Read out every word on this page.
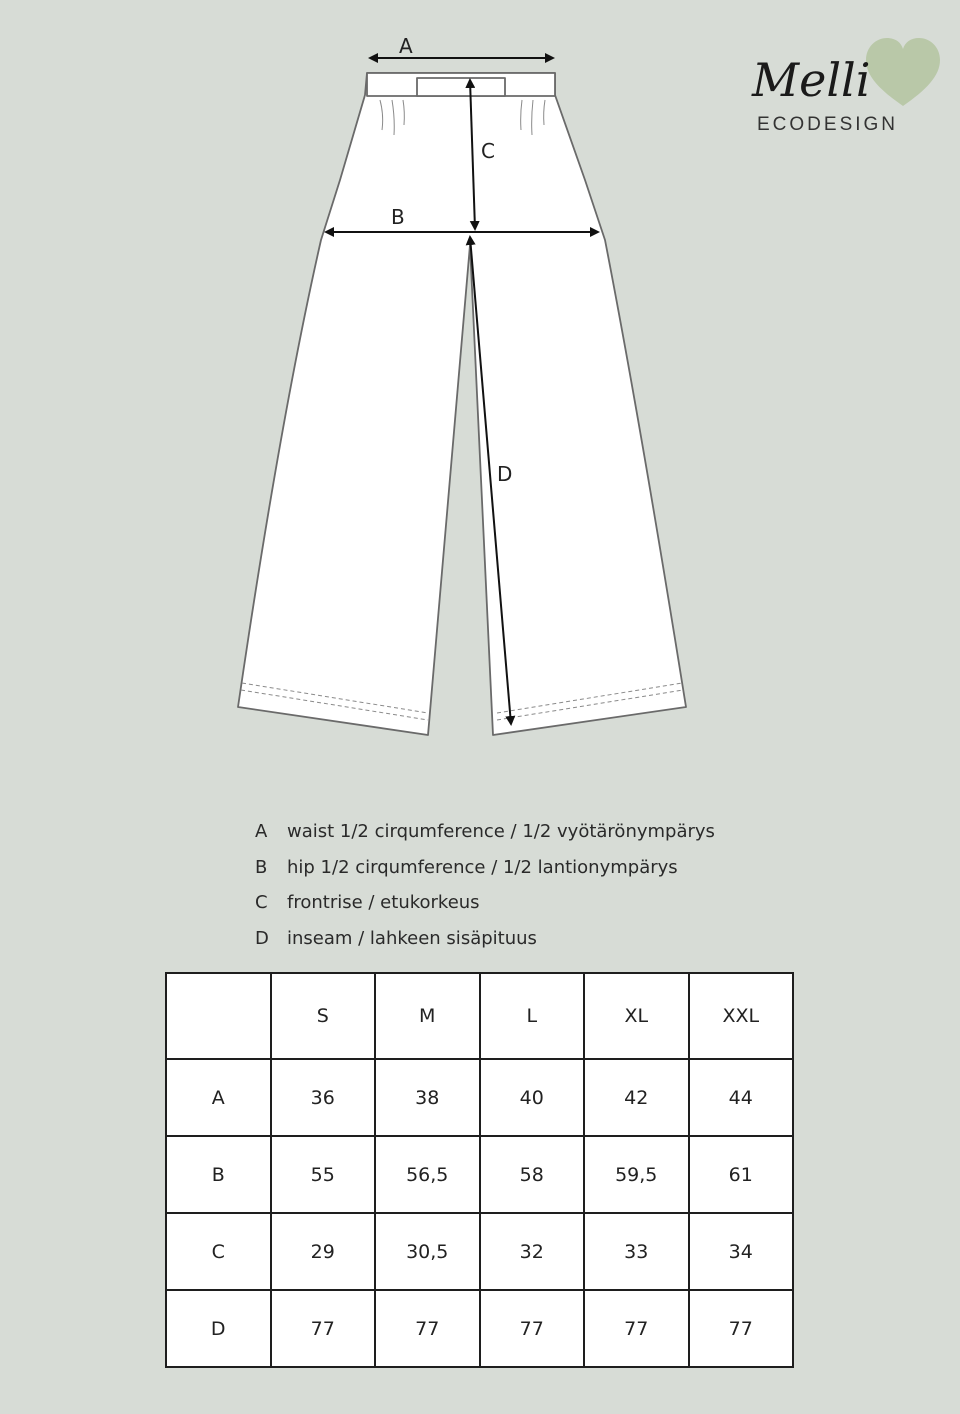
A
B
C
D
Melli
ECODESIGN
A	waist 1/2 cirqumference / 1/2 vyötärönympärys
B	hip 1/2 cirqumference / 1/2 lantionympärys
C	frontrise / etukorkeus
D	inseam / lahkeen sisäpituus
	S	M	L	XL	XXL
A	36	38	40	42	44
B	55	56,5	58	59,5	61
C	29	30,5	32	33	34
D	77	77	77	77	77
